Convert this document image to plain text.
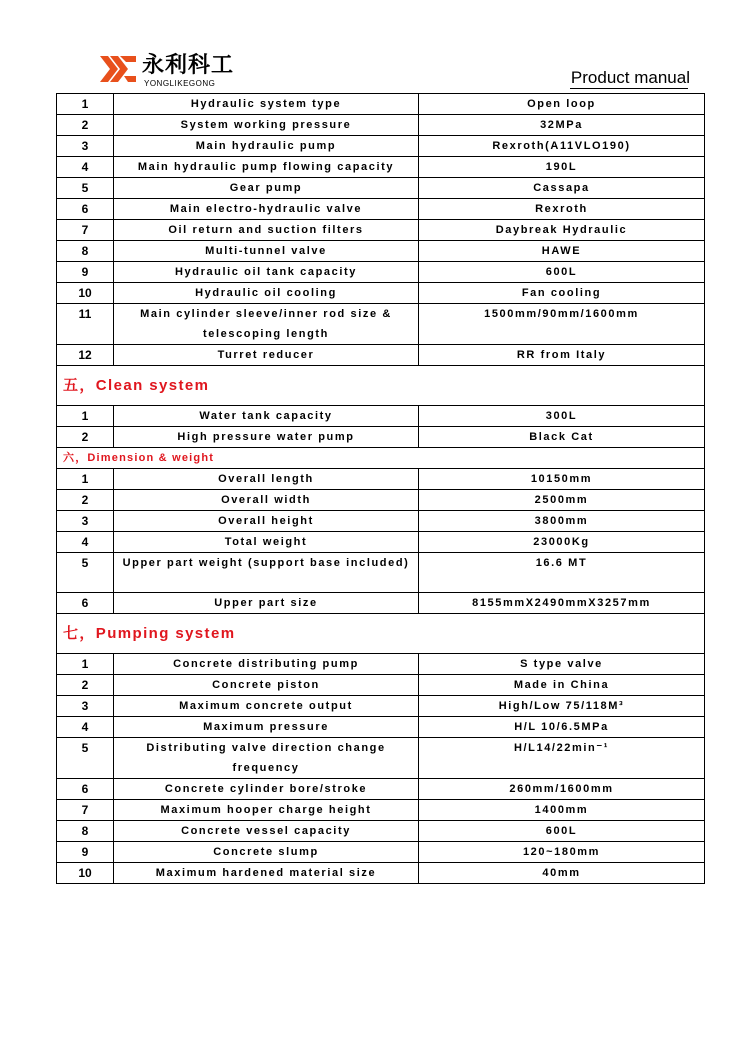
永利科工
YONGLIKEGONG	Product manual
1	Hydraulic system type	Open loop
2	System working pressure	32MPa
3	Main hydraulic pump	Rexroth(A11VLO190)
4	Main hydraulic pump flowing capacity	190L
5	Gear pump	Cassapa
6	Main electro-hydraulic valve	Rexroth
7	Oil return and suction filters	Daybreak Hydraulic
8	Multi-tunnel valve	HAWE
9	Hydraulic oil tank capacity	600L
10	Hydraulic oil cooling	Fan cooling
11	Main cylinder sleeve/inner rod size & telescoping length	1500mm/90mm/1600mm
12	Turret reducer	RR from Italy
五，Clean system		
1	Water tank capacity	300L
2	High pressure water pump	Black Cat
六，Dimension & weight		
1	Overall length	10150mm
2	Overall width	2500mm
3	Overall height	3800mm
4	Total weight	23000Kg
5	Upper part weight (support base included)	16.6 MT
6	Upper part size	8155mmX2490mmX3257mm
七，Pumping system		
1	Concrete distributing pump	S type valve
2	Concrete piston	Made in China
3	Maximum concrete output	High/Low 75/118M³
4	Maximum pressure	H/L 10/6.5MPa
5	Distributing valve direction change frequency	H/L14/22min⁻¹
6	Concrete cylinder bore/stroke	260mm/1600mm
7	Maximum hooper charge height	1400mm
8	Concrete vessel capacity	600L
9	Concrete slump	120~180mm
10	Maximum hardened material size	40mm
